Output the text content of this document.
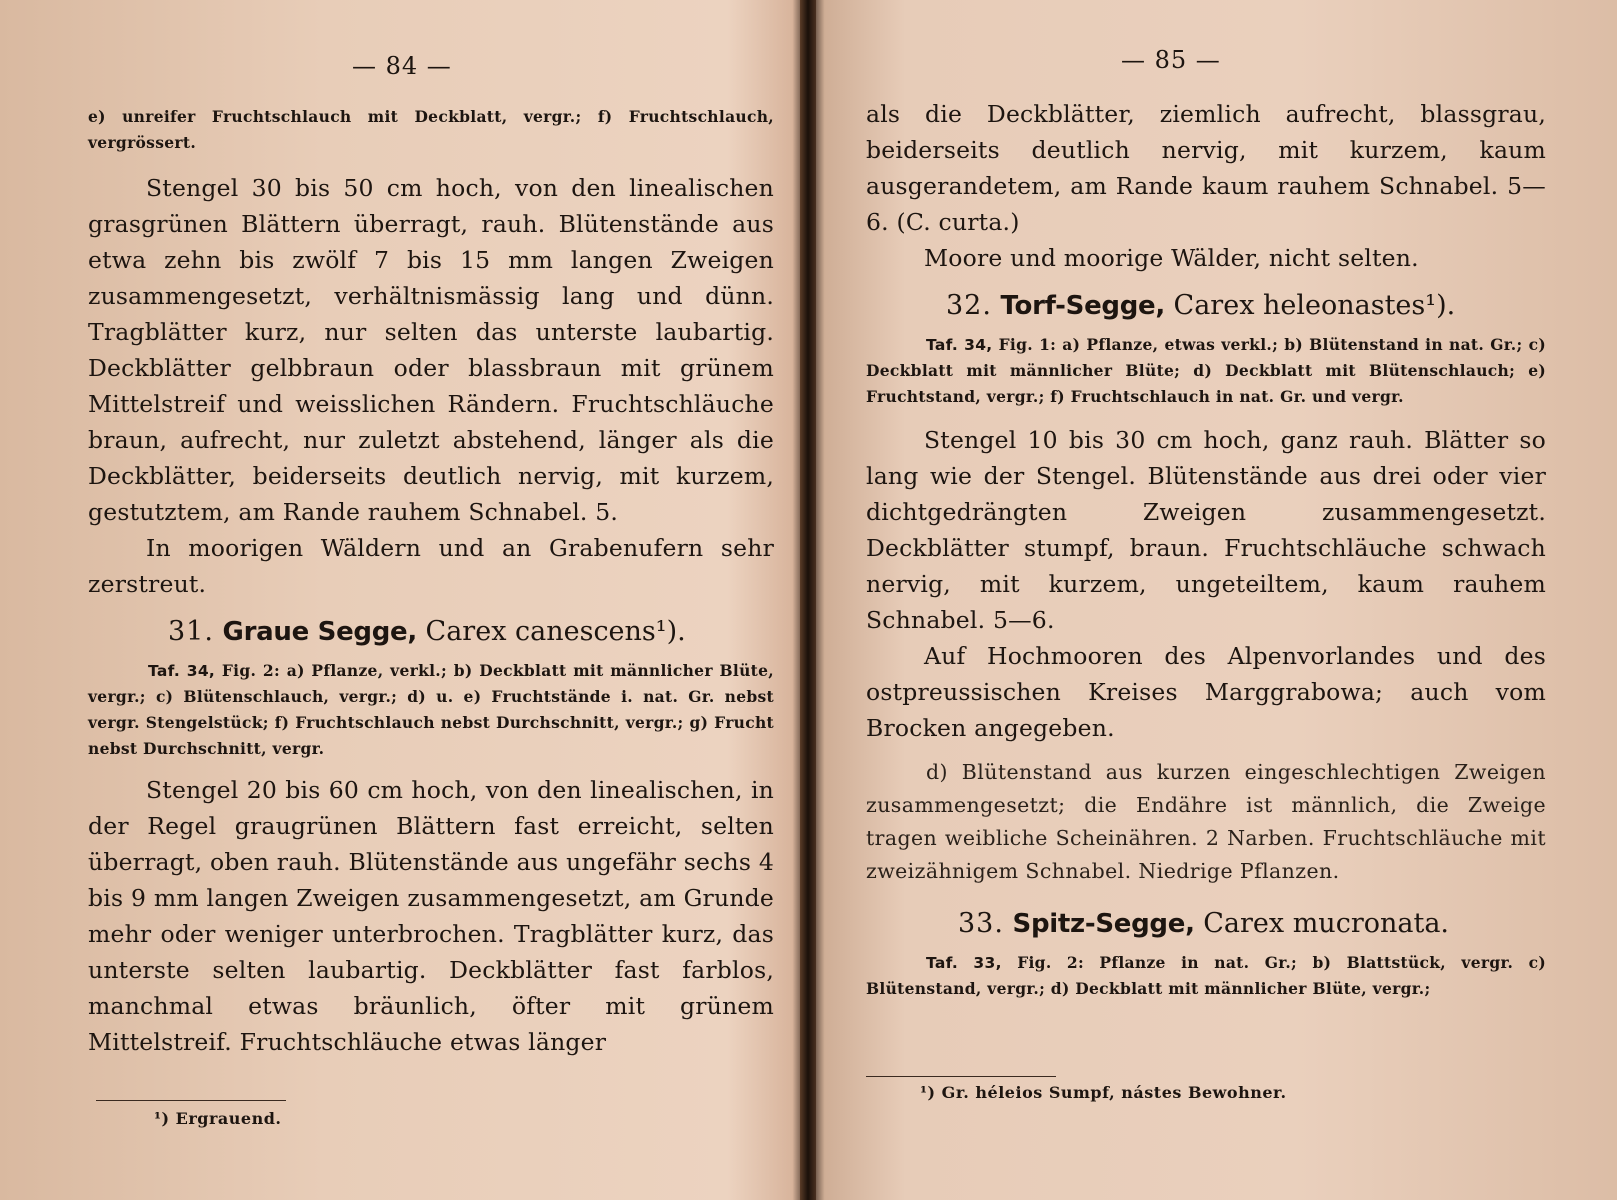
— 84 —

e) unreifer Fruchtschlauch mit Deckblatt, vergr.; f) Fruchtschlauch, vergrössert.

Stengel 30 bis 50 cm hoch, von den linealischen grasgrünen Blättern überragt, rauh. Blütenstände aus etwa zehn bis zwölf 7 bis 15 mm langen Zweigen zusammengesetzt, verhältnismässig lang und dünn. Tragblätter kurz, nur selten das unterste laubartig. Deckblätter gelbbraun oder blassbraun mit grünem Mittelstreif und weisslichen Rändern. Fruchtschläuche braun, aufrecht, nur zuletzt abstehend, länger als die Deckblätter, beiderseits deutlich nervig, mit kurzem, gestutztem, am Rande rauhem Schnabel. 5.

In moorigen Wäldern und an Grabenufern sehr zerstreut.

31. Graue Segge, Carex canescens¹).

Taf. 34, Fig. 2: a) Pflanze, verkl.; b) Deckblatt mit männlicher Blüte, vergr.; c) Blütenschlauch, vergr.; d) u. e) Fruchtstände i. nat. Gr. nebst vergr. Stengelstück; f) Fruchtschlauch nebst Durchschnitt, vergr.; g) Frucht nebst Durchschnitt, vergr.

Stengel 20 bis 60 cm hoch, von den linealischen, in der Regel graugrünen Blättern fast erreicht, selten überragt, oben rauh. Blütenstände aus ungefähr sechs 4 bis 9 mm langen Zweigen zusammengesetzt, am Grunde mehr oder weniger unterbrochen. Tragblätter kurz, das unterste selten laubartig. Deckblätter fast farblos, manchmal etwas bräunlich, öfter mit grünem Mittelstreif. Fruchtschläuche etwas länger

¹) Ergrauend.

— 85 —

als die Deckblätter, ziemlich aufrecht, blassgrau, beiderseits deutlich nervig, mit kurzem, kaum ausgerandetem, am Rande kaum rauhem Schnabel. 5—6. (C. curta.)

Moore und moorige Wälder, nicht selten.

32. Torf-Segge, Carex heleonastes¹).

Taf. 34, Fig. 1: a) Pflanze, etwas verkl.; b) Blütenstand in nat. Gr.; c) Deckblatt mit männlicher Blüte; d) Deckblatt mit Blütenschlauch; e) Fruchtstand, vergr.; f) Fruchtschlauch in nat. Gr. und vergr.

Stengel 10 bis 30 cm hoch, ganz rauh. Blätter so lang wie der Stengel. Blütenstände aus drei oder vier dichtgedrängten Zweigen zusammengesetzt. Deckblätter stumpf, braun. Fruchtschläuche schwach nervig, mit kurzem, ungeteiltem, kaum rauhem Schnabel. 5—6.

Auf Hochmooren des Alpenvorlandes und des ostpreussischen Kreises Marggrabowa; auch vom Brocken angegeben.

d) Blütenstand aus kurzen eingeschlechtigen Zweigen zusammengesetzt; die Endähre ist männlich, die Zweige tragen weibliche Scheinähren. 2 Narben. Fruchtschläuche mit zweizähnigem Schnabel. Niedrige Pflanzen.

33. Spitz-Segge, Carex mucronata.

Taf. 33, Fig. 2: Pflanze in nat. Gr.; b) Blattstück, vergr. c) Blütenstand, vergr.; d) Deckblatt mit männlicher Blüte, vergr.;

¹) Gr. héleios Sumpf, nástes Bewohner.
